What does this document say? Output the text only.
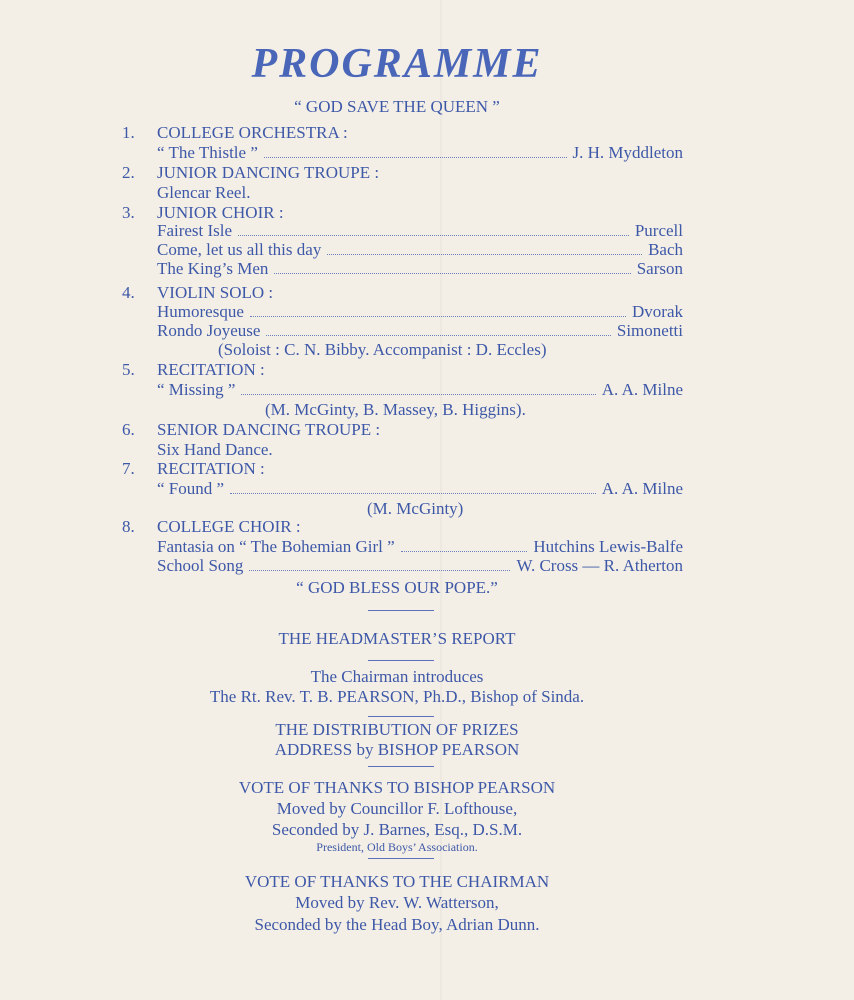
PROGRAMME
“ GOD SAVE THE QUEEN ”
1. COLLEGE ORCHESTRA :
“ The Thistle ”	J. H. Myddleton
2. JUNIOR DANCING TROUPE :
Glencar Reel.
3. JUNIOR CHOIR :
Fairest Isle	Purcell
Come, let us all this day	Bach
The King’s Men	Sarson
4. VIOLIN SOLO :
Humoresque	Dvorak
Rondo Joyeuse	Simonetti
(Soloist : C. N. Bibby. Accompanist : D. Eccles)
5. RECITATION :
“ Missing ”	A. A. Milne
(M. McGinty, B. Massey, B. Higgins).
6. SENIOR DANCING TROUPE :
Six Hand Dance.
7. RECITATION :
“ Found ”	A. A. Milne
(M. McGinty)
8. COLLEGE CHOIR :
Fantasia on “ The Bohemian Girl ”	Hutchins Lewis-Balfe
School Song	W. Cross — R. Atherton
“ GOD BLESS OUR POPE.”
THE HEADMASTER’S REPORT
The Chairman introduces
The Rt. Rev. T. B. PEARSON, Ph.D., Bishop of Sinda.
THE DISTRIBUTION OF PRIZES
ADDRESS by BISHOP PEARSON
VOTE OF THANKS TO BISHOP PEARSON
Moved by Councillor F. Lofthouse,
Seconded by J. Barnes, Esq., D.S.M.
President, Old Boys’ Association.
VOTE OF THANKS TO THE CHAIRMAN
Moved by Rev. W. Watterson,
Seconded by the Head Boy, Adrian Dunn.
